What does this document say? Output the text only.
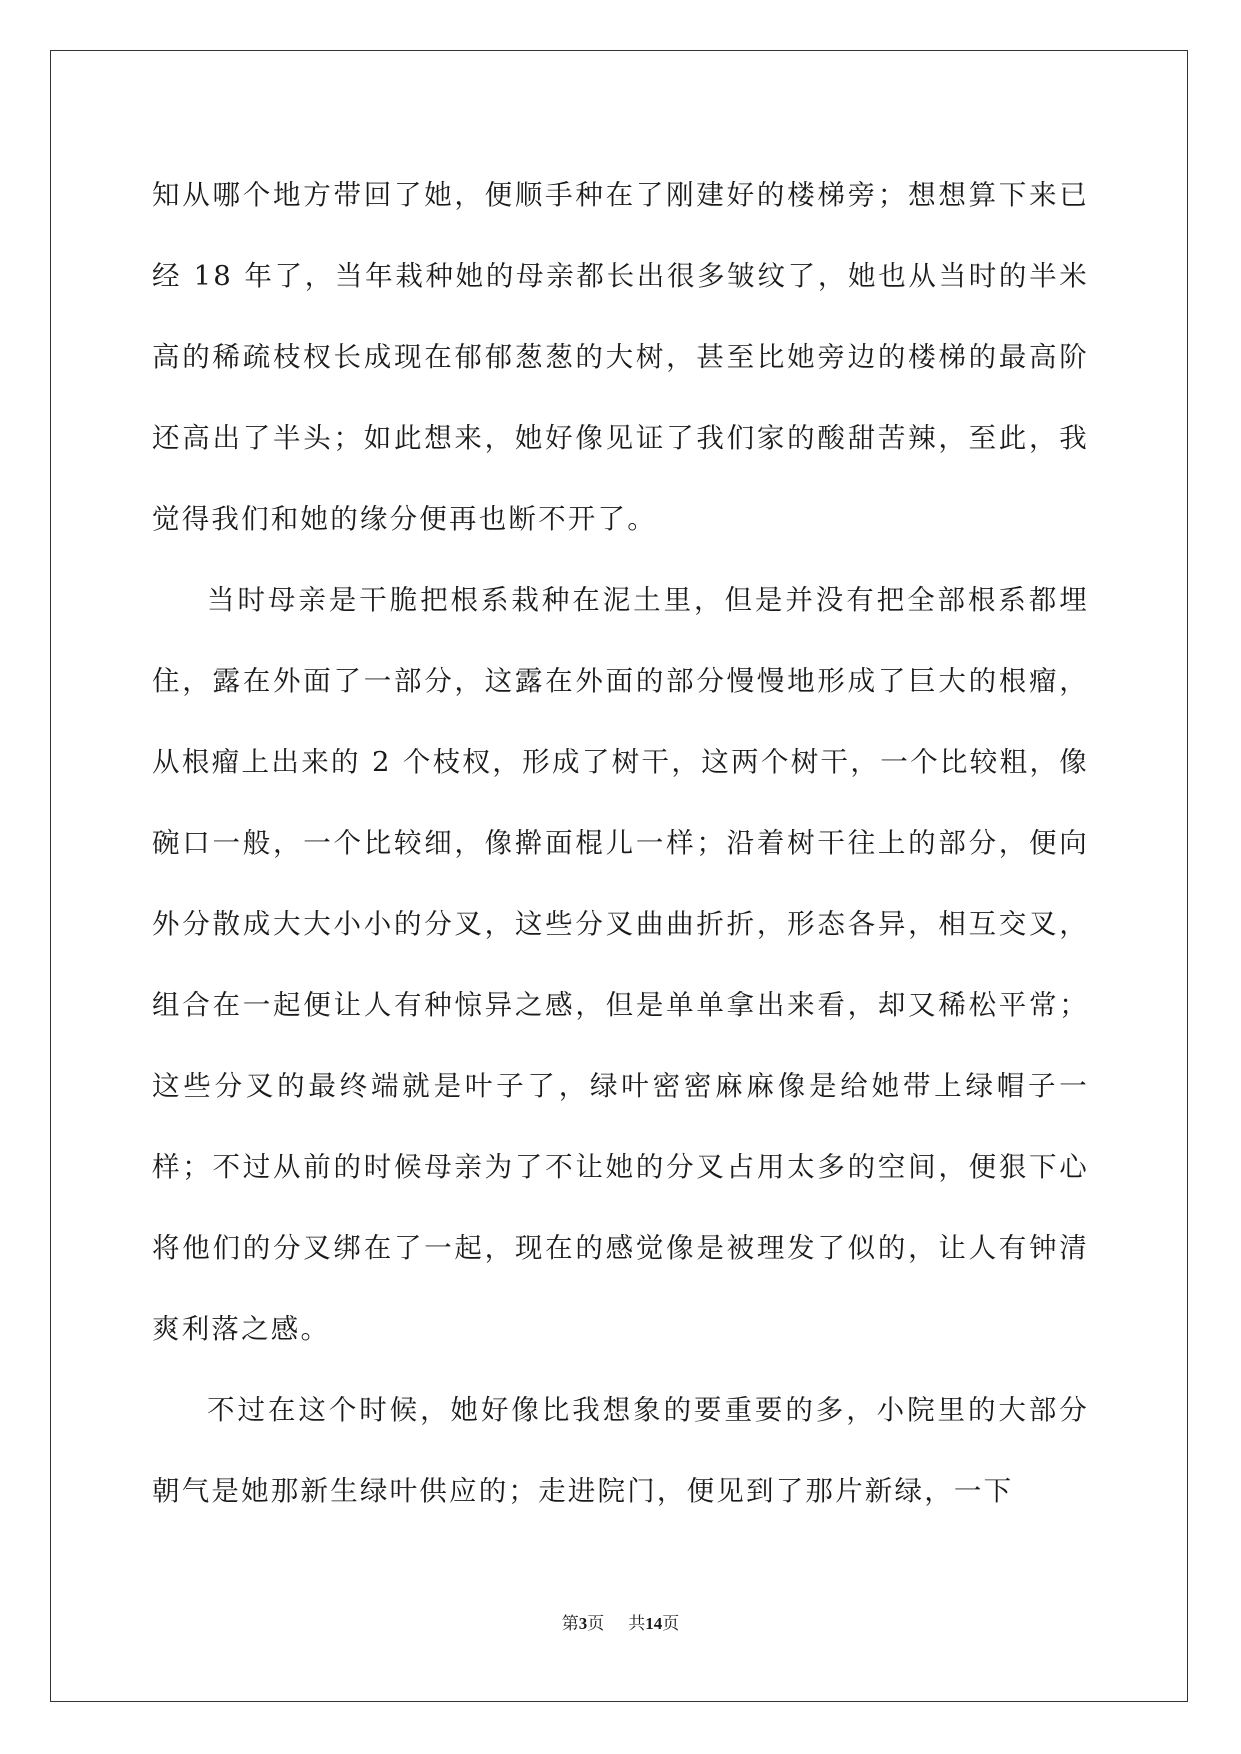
知从哪个地方带回了她，便顺手种在了刚建好的楼梯旁；想想算下来已经 18 年了，当年栽种她的母亲都长出很多皱纹了，她也从当时的半米高的稀疏枝杈长成现在郁郁葱葱的大树，甚至比她旁边的楼梯的最高阶还高出了半头；如此想来，她好像见证了我们家的酸甜苦辣，至此，我觉得我们和她的缘分便再也断不开了。

当时母亲是干脆把根系栽种在泥土里，但是并没有把全部根系都埋住，露在外面了一部分，这露在外面的部分慢慢地形成了巨大的根瘤，从根瘤上出来的 2 个枝杈，形成了树干，这两个树干，一个比较粗，像碗口一般，一个比较细，像擀面棍儿一样；沿着树干往上的部分，便向外分散成大大小小的分叉，这些分叉曲曲折折，形态各异，相互交叉，组合在一起便让人有种惊异之感，但是单单拿出来看，却又稀松平常；这些分叉的最终端就是叶子了，绿叶密密麻麻像是给她带上绿帽子一样；不过从前的时候母亲为了不让她的分叉占用太多的空间，便狠下心将他们的分叉绑在了一起，现在的感觉像是被理发了似的，让人有钟清爽利落之感。

不过在这个时候，她好像比我想象的要重要的多，小院里的大部分朝气是她那新生绿叶供应的；走进院门，便见到了那片新绿，一下

第3页 共14页
